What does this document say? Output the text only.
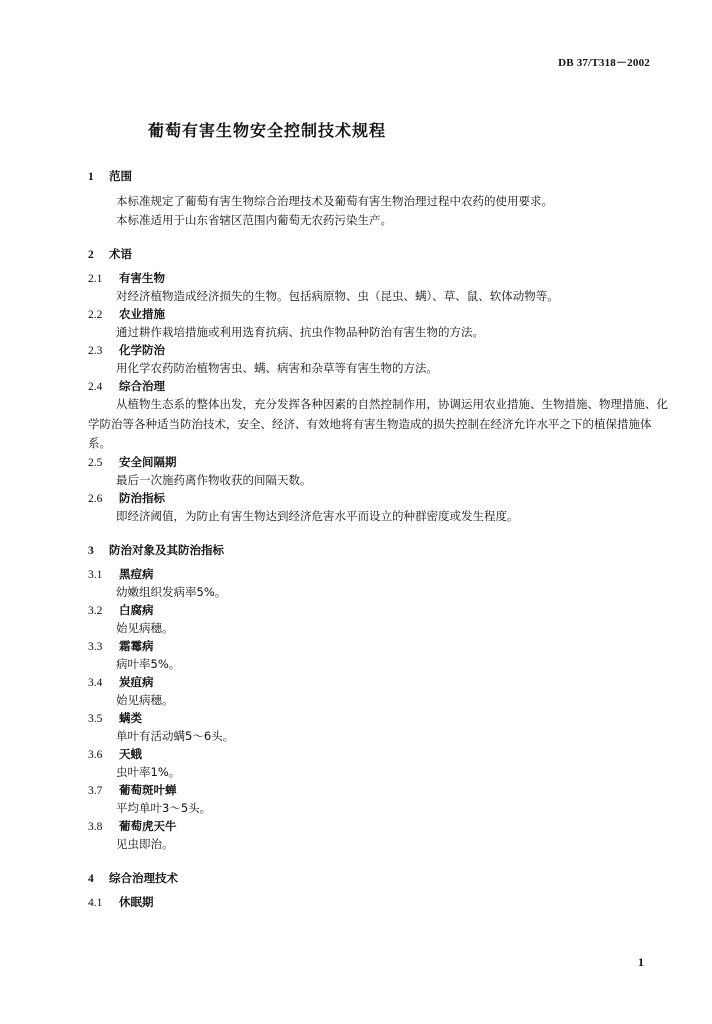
DB 37/T318－2002
葡萄有害生物安全控制技术规程
1 范围
本标准规定了葡萄有害生物综合治理技术及葡萄有害生物治理过程中农药的使用要求。
本标准适用于山东省辖区范围内葡萄无农药污染生产。
2 术语
2.1 有害生物
对经济植物造成经济损失的生物。包括病原物、虫（昆虫、螨）、草、鼠、软体动物等。
2.2 农业措施
通过耕作栽培措施或利用选育抗病、抗虫作物品种防治有害生物的方法。
2.3 化学防治
用化学农药防治植物害虫、螨、病害和杂草等有害生物的方法。
2.4 综合治理
从植物生态系的整体出发，充分发挥各种因素的自然控制作用，协调运用农业措施、生物措施、物理措施、化学防治等各种适当防治技术，安全、经济、有效地将有害生物造成的损失控制在经济允许水平之下的植保措施体系。
2.5 安全间隔期
最后一次施药离作物收获的间隔天数。
2.6 防治指标
即经济阈值，为防止有害生物达到经济危害水平而设立的种群密度或发生程度。
3 防治对象及其防治指标
3.1 黑痘病
幼嫩组织发病率5%。
3.2 白腐病
始见病穗。
3.3 霜霉病
病叶率5%。
3.4 炭疽病
始见病穗。
3.5 螨类
单叶有活动螨5～6头。
3.6 天蛾
虫叶率1%。
3.7 葡萄斑叶蝉
平均单叶3～5头。
3.8 葡萄虎天牛
见虫即治。
4 综合治理技术
4.1 休眠期
1
